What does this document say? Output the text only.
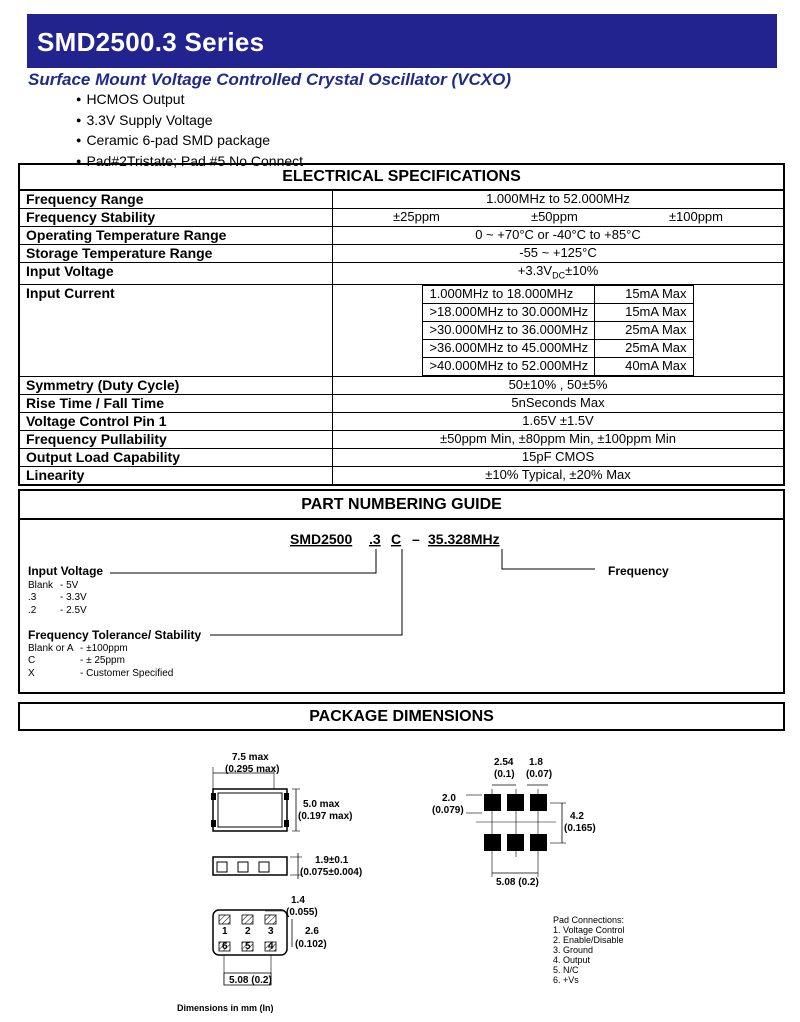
SMD2500.3 Series
Surface Mount Voltage Controlled Crystal Oscillator (VCXO)
● HCMOS Output
● 3.3V Supply Voltage
● Ceramic 6-pad SMD package
● Pad#2Tristate; Pad #5 No Connect
ELECTRICAL SPECIFICATIONS
Frequency Range	1.000MHz to 52.000MHz
Frequency Stability	±25ppm	±50ppm	±100ppm

Operating Temperature Range	0 ~ +70°C or -40°C to +85°C
Storage Temperature Range	-55 ~ +125°C
Input Voltage	$+3.3V_{DC}\pm 10\%$
Input Current		1.000MHz to 18.000MHz	15mA Max
>18.000MHz to 30.000MHz	15mA Max
>30.000MHz to 36.000MHz	25mA Max
>36.000MHz to 45.000MHz	25mA Max
>40.000MHz to 52.000MHz	40mA Max

Symmetry (Duty Cycle)	50±10% , 50±5%
Rise Time / Fall Time	5nSeconds Max
Voltage Control Pin 1	1.65V ±1.5V
Frequency Pullability	±50ppm Min, ±80ppm Min, ±100ppm Min
Output Load Capability	15pF CMOS
Linearity	±10% Typical, ±20% Max
PART NUMBERING GUIDE
SMD2500 .3 C – 35.328MHz
Frequency
Input Voltage
Blank - 5V
.3 - 3.3V
.2 - 2.5V
Frequency Tolerance/ Stability
Blank or A - ±100ppm
C	- ± 25ppm
X	- Customer Specified
PACKAGE DIMENSIONS
7.5 max
(0.295 max)
5.0 max
(0.197 max)
1.9±0.1
(0.075±0.004)
1 2 3
6 5 4
1.4
(0.055)
2.6
(0.102)
5.08 (0.2)
Dimensions in mm (In)
2.54
(0.1)
1.8
(0.07)
2.0
(0.079)
4.2
(0.165)
5.08 (0.2)
Pad Connections:
1. Voltage Control
2. Enable/Disable
3. Ground
4. Output
5. N/C
6. +Vs
